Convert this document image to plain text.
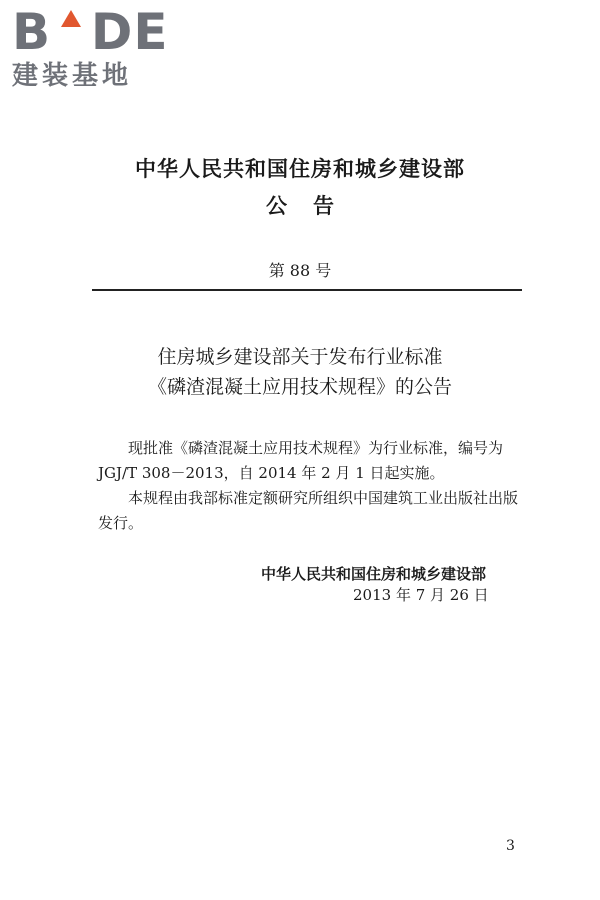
B DE
建装基地
中华人民共和国住房和城乡建设部
公告
第 88 号
住房城乡建设部关于发布行业标准
《磷渣混凝土应用技术规程》的公告

现批准《磷渣混凝土应用技术规程》为行业标准，编号为 JGJ/T 308－2013，自 2014 年 2 月 1 日起实施。

本规程由我部标准定额研究所组织中国建筑工业出版社出版发行。

中华人民共和国住房和城乡建设部
2013 年 7 月 26 日
3
